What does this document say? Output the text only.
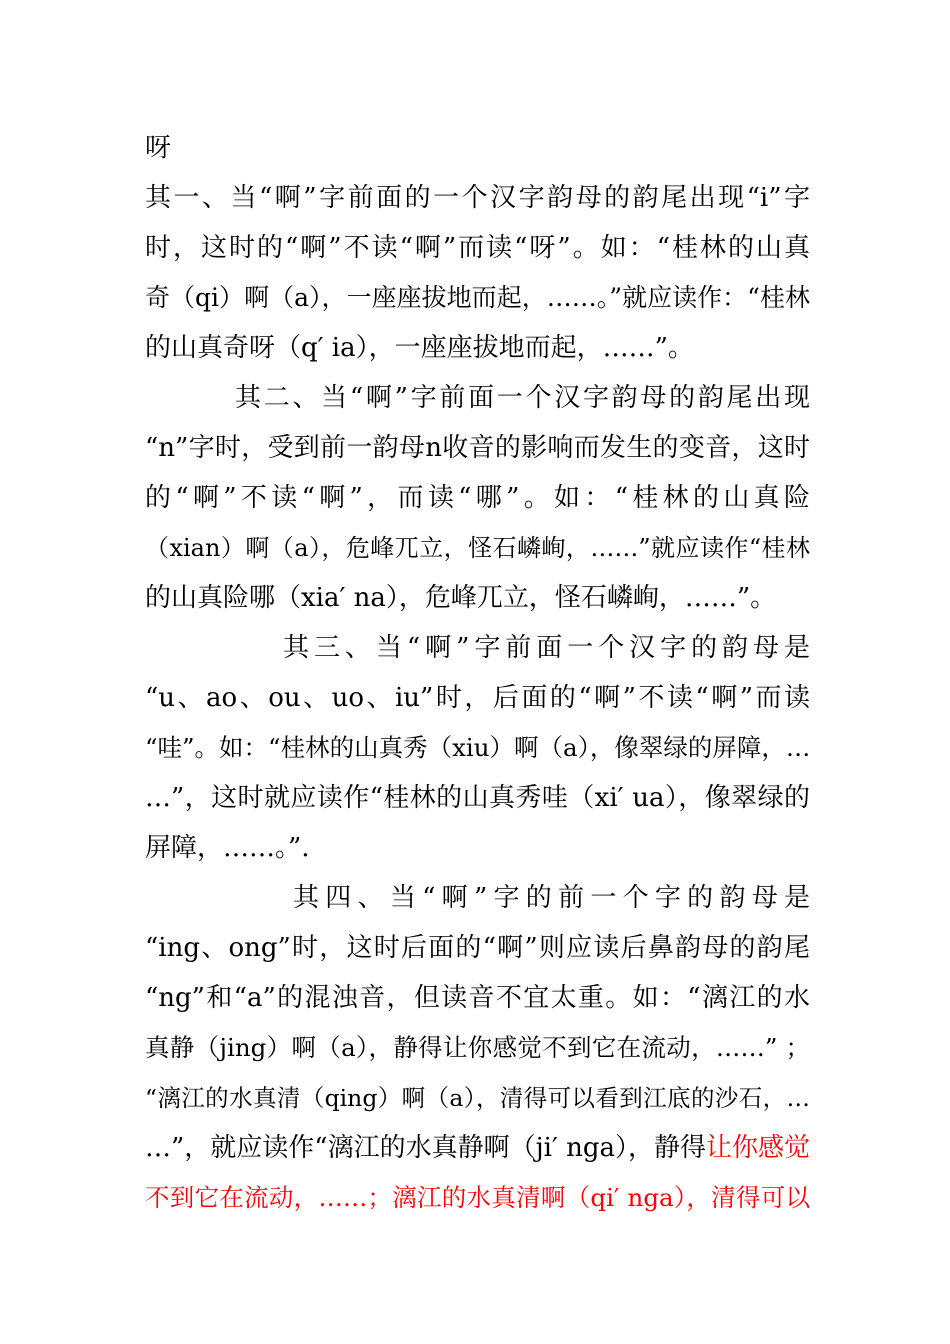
呀
其一、当“啊”字前面的一个汉字韵母的韵尾出现“i”字
时，这时的“啊”不读“啊”而读“呀”。如：“桂林的山真
奇（qi）啊（a），一座座拔地而起，……。”就应读作：“桂林
的山真奇呀（q′ ia），一座座拔地而起，……”。
其二、当“啊”字前面一个汉字韵母的韵尾出现
“n”字时，受到前一韵母n收音的影响而发生的变音，这时
的“啊”不读“啊”，而读“哪”。如：“桂林的山真险
（xian）啊（a），危峰兀立，怪石嶙峋，……”就应读作“桂林
的山真险哪（xia′ na），危峰兀立，怪石嶙峋，……”。
其三、当“啊”字前面一个汉字的韵母是
“u、ao、ou、uo、iu”时，后面的“啊”不读“啊”而读
“哇”。如：“桂林的山真秀（xiu）啊（a），像翠绿的屏障，…
…”，这时就应读作“桂林的山真秀哇（xi′ ua），像翠绿的
屏障，……。”.
其四、当“啊”字的前一个字的韵母是
“ing、ong”时，这时后面的“啊”则应读后鼻韵母的韵尾
“ng”和“a”的混浊音，但读音不宜太重。如：“漓江的水
真静（jing）啊（a），静得让你感觉不到它在流动，……” ；
“漓江的水真清（qing）啊（a），清得可以看到江底的沙石，…
…”，就应读作“漓江的水真静啊（ji′ nga），静得让你感觉
不到它在流动，……；漓江的水真清啊（qi′ nga），清得可以
